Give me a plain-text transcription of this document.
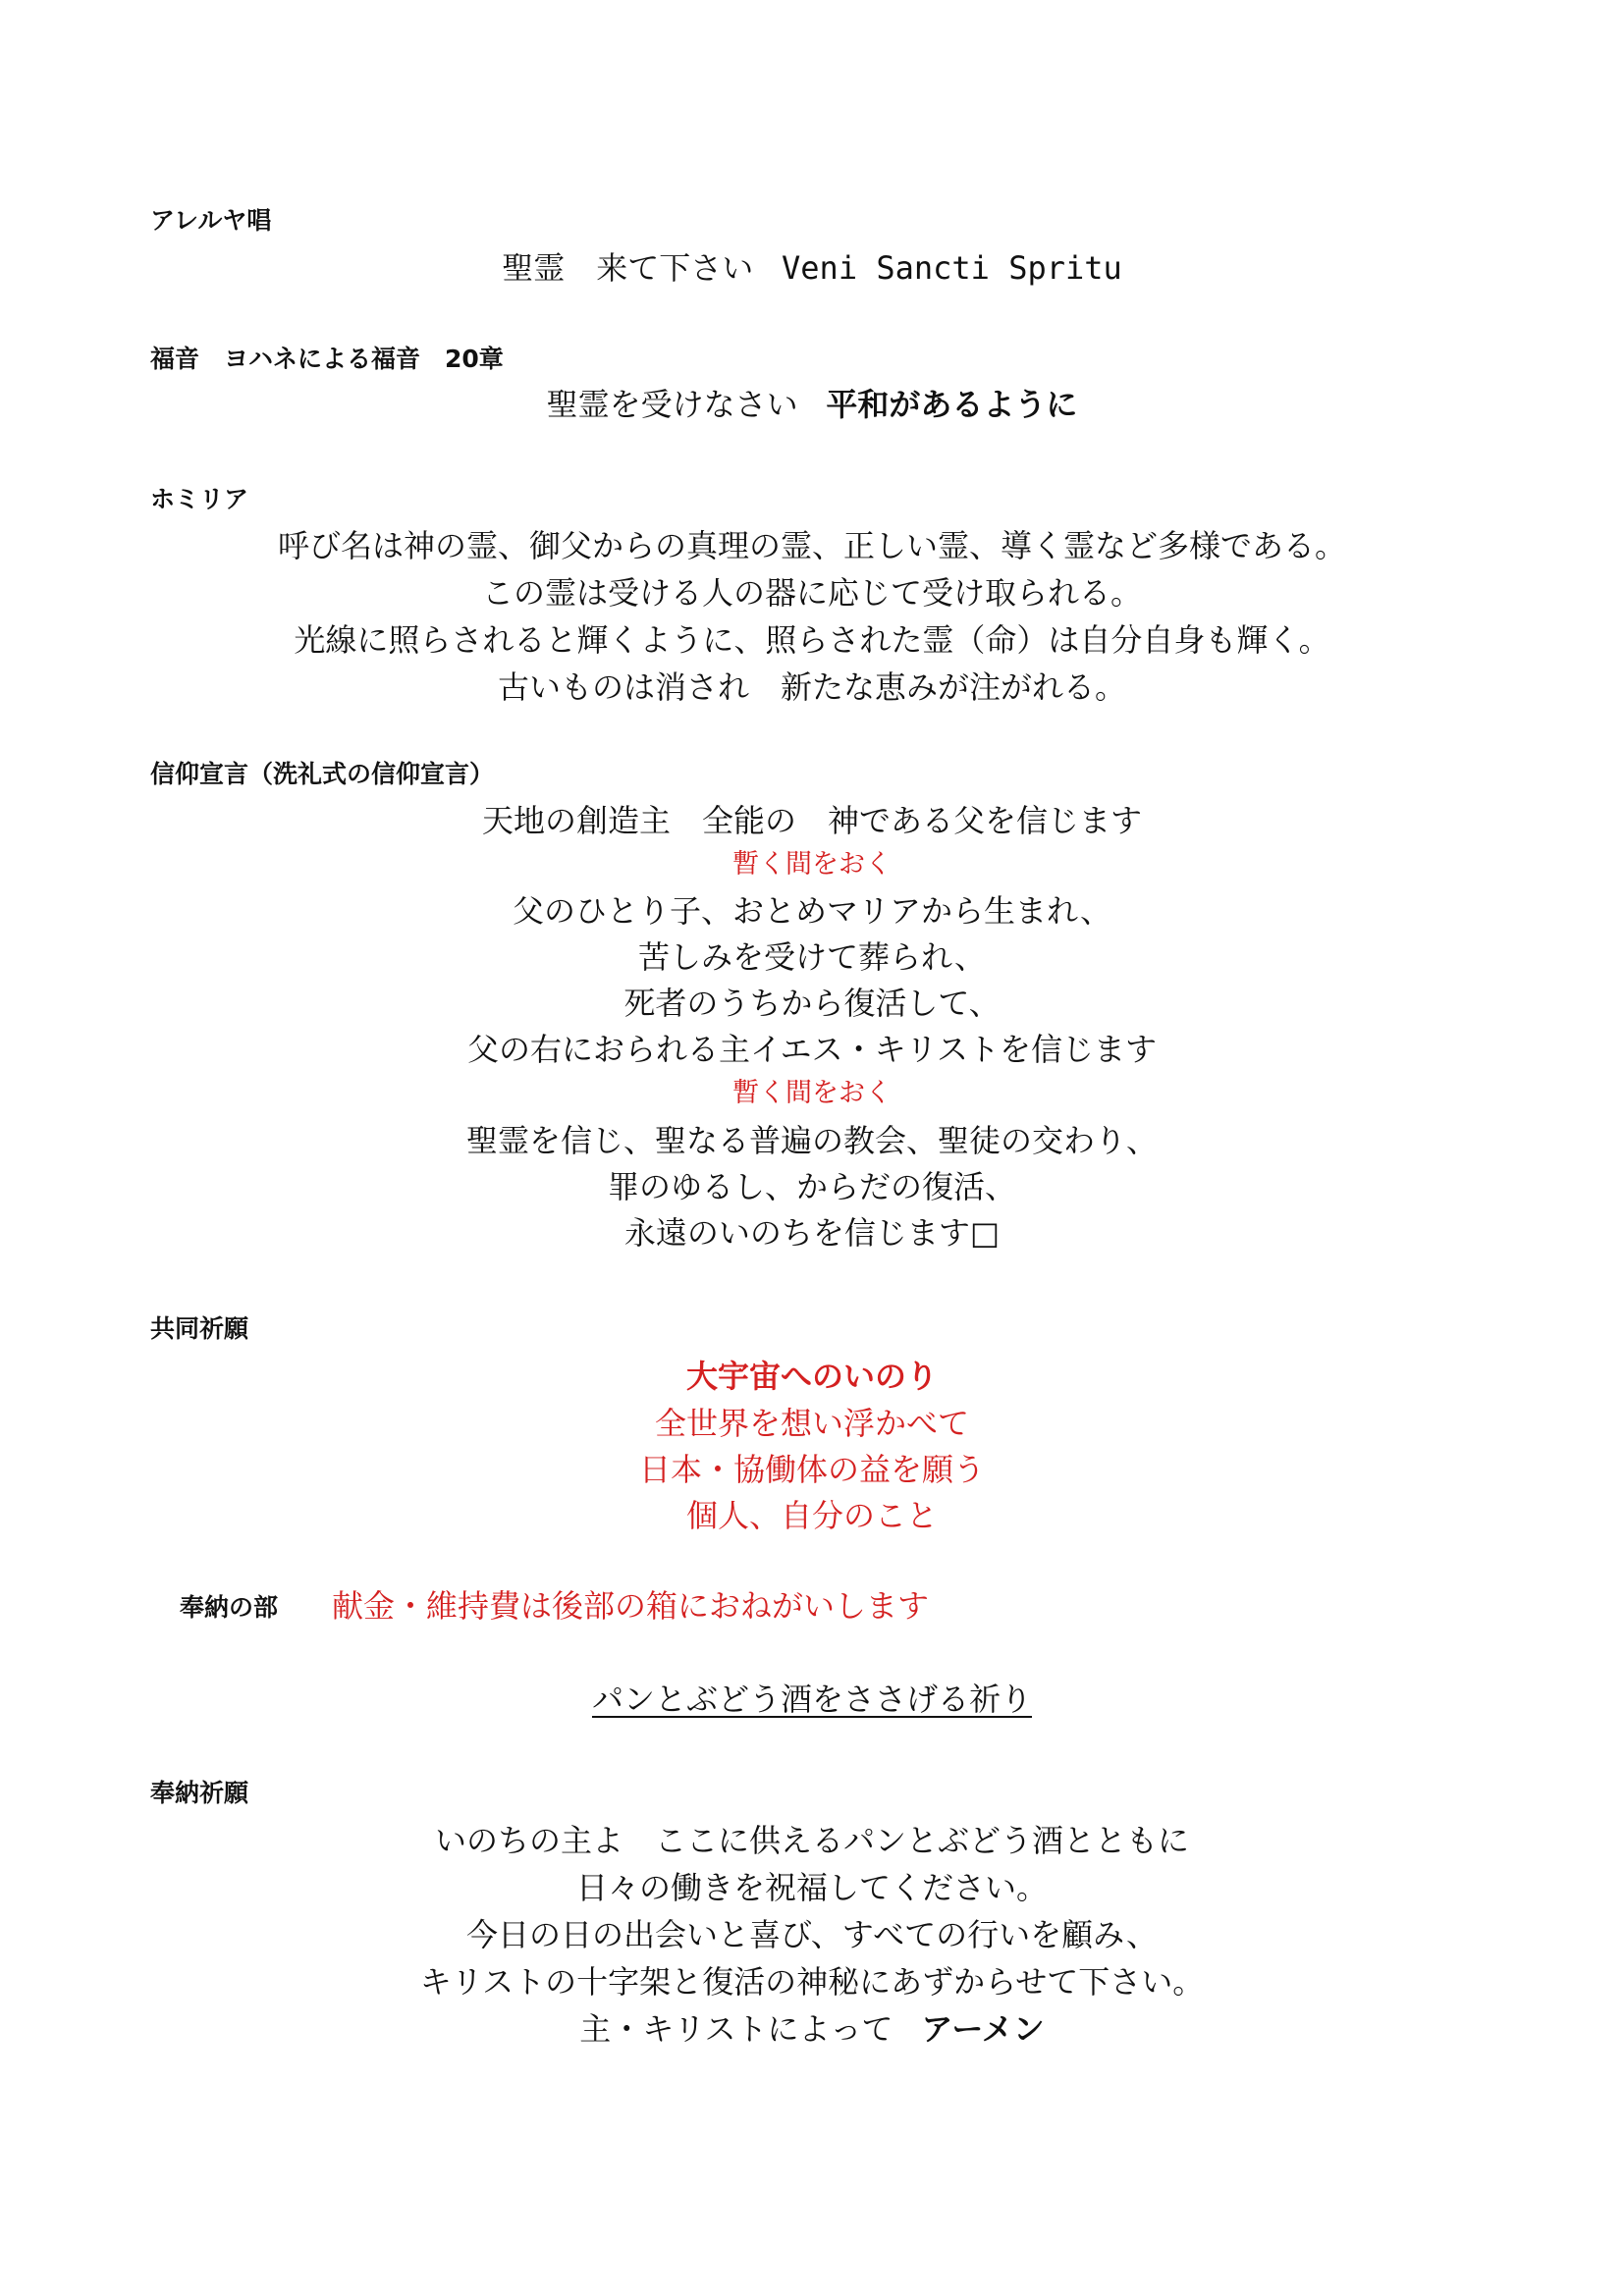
アレルヤ唱
聖霊　来て下さい Veni Sancti Spritu
福音　ヨハネによる福音　20章
聖霊を受けなさい 平和があるように
ホミリア
呼び名は神の霊、御父からの真理の霊、正しい霊、導く霊など多様である。
この霊は受ける人の器に応じて受け取られる。
光線に照らされると輝くように、照らされた霊（命）は自分自身も輝く。
古いものは消され　新たな恵みが注がれる。
信仰宣言（洗礼式の信仰宣言）
天地の創造主　全能の　神である父を信じます
暫く間をおく
父のひとり子、おとめマリアから生まれ、
苦しみを受けて葬られ、
死者のうちから復活して、
父の右におられる主イエス・キリストを信じます
暫く間をおく
聖霊を信じ、聖なる普遍の教会、聖徒の交わり、
罪のゆるし、からだの復活、
永遠のいのちを信じます□
共同祈願
大宇宙へのいのり
全世界を想い浮かべて
日本・協働体の益を願う
個人、自分のこと
奉納の部 献金・維持費は後部の箱におねがいします
パンとぶどう酒をささげる祈り
奉納祈願
いのちの主よ　ここに供えるパンとぶどう酒とともに
日々の働きを祝福してください。
今日の日の出会いと喜び、すべての行いを顧み、
キリストの十字架と復活の神秘にあずからせて下さい。
主・キリストによって アーメン
